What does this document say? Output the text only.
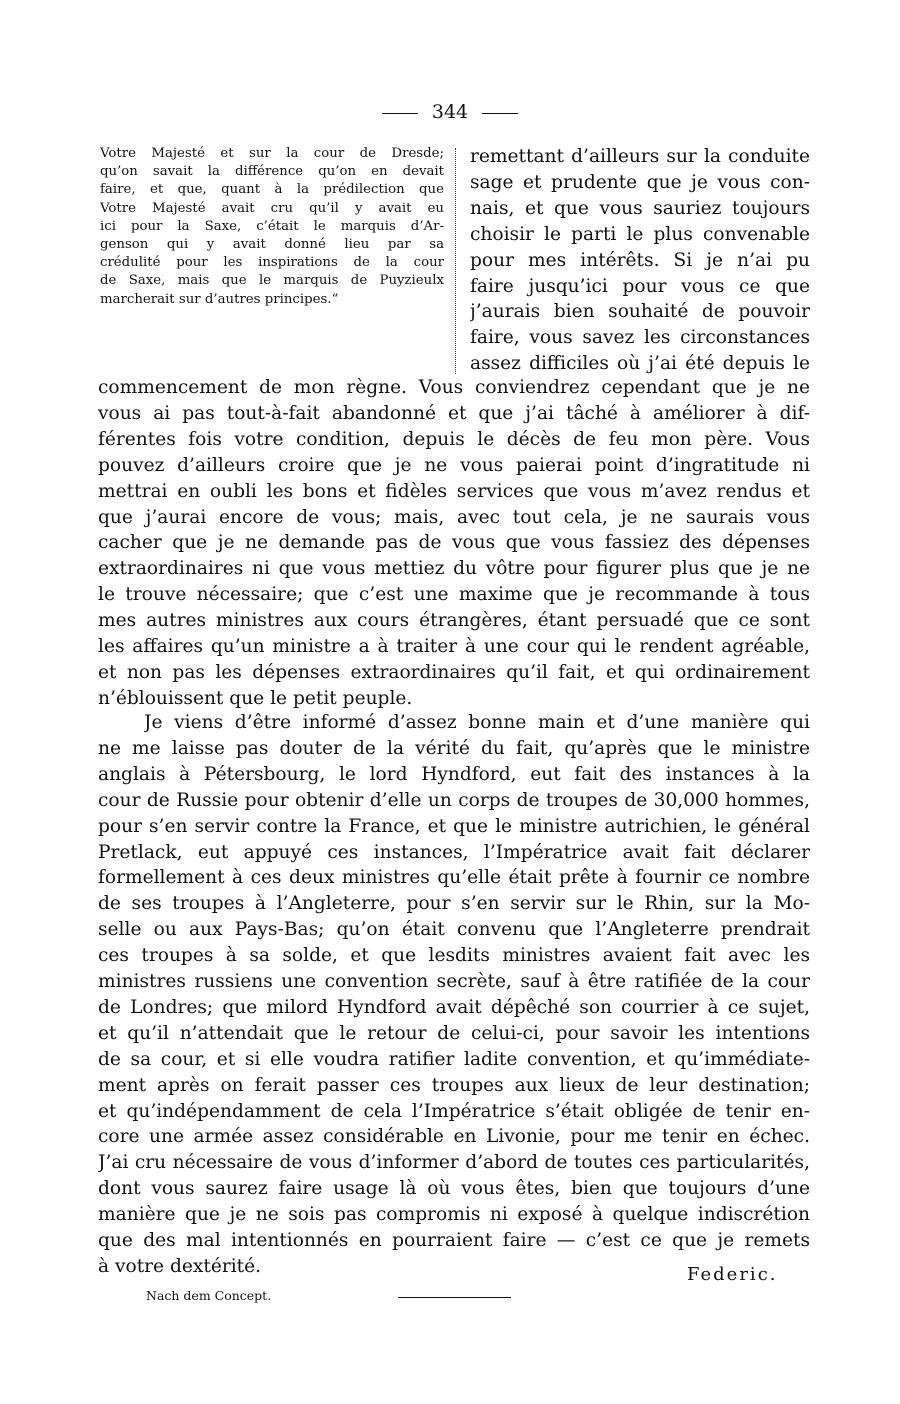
344
Votre Majesté et sur la cour de Dresde;
qu’on savait la différence qu’on en devait
faire, et que, quant à la prédilection que
Votre Majesté avait cru qu’il y avait eu
ici pour la Saxe, c’était le marquis d’Ar-
genson qui y avait donné lieu par sa
crédulité pour les inspirations de la cour
de Saxe, mais que le marquis de Puyzieulx
marcherait sur d’autres principes.“
remettant d’ailleurs sur la conduite
sage et prudente que je vous con-
nais, et que vous sauriez toujours
choisir le parti le plus convenable
pour mes intérêts. Si je n’ai pu
faire jusqu’ici pour vous ce que
j’aurais bien souhaité de pouvoir
faire, vous savez les circonstances
assez difficiles où j’ai été depuis le
commencement de mon règne. Vous conviendrez cependant que je ne
vous ai pas tout-à-fait abandonné et que j’ai tâché à améliorer à dif-
férentes fois votre condition, depuis le décès de feu mon père. Vous
pouvez d’ailleurs croire que je ne vous paierai point d’ingratitude ni
mettrai en oubli les bons et fidèles services que vous m’avez rendus et
que j’aurai encore de vous; mais, avec tout cela, je ne saurais vous
cacher que je ne demande pas de vous que vous fassiez des dépenses
extraordinaires ni que vous mettiez du vôtre pour figurer plus que je ne
le trouve nécessaire; que c’est une maxime que je recommande à tous
mes autres ministres aux cours étrangères, étant persuadé que ce sont
les affaires qu’un ministre a à traiter à une cour qui le rendent agréable,
et non pas les dépenses extraordinaires qu’il fait, et qui ordinairement
n’éblouissent que le petit peuple.
Je viens d’être informé d’assez bonne main et d’une manière qui
ne me laisse pas douter de la vérité du fait, qu’après que le ministre
anglais à Pétersbourg, le lord Hyndford, eut fait des instances à la
cour de Russie pour obtenir d’elle un corps de troupes de 30,000 hommes,
pour s’en servir contre la France, et que le ministre autrichien, le général
Pretlack, eut appuyé ces instances, l’Impératrice avait fait déclarer
formellement à ces deux ministres qu’elle était prête à fournir ce nombre
de ses troupes à l’Angleterre, pour s’en servir sur le Rhin, sur la Mo-
selle ou aux Pays-Bas; qu’on était convenu que l’Angleterre prendrait
ces troupes à sa solde, et que lesdits ministres avaient fait avec les
ministres russiens une convention secrète, sauf à être ratifiée de la cour
de Londres; que milord Hyndford avait dépêché son courrier à ce sujet,
et qu’il n’attendait que le retour de celui-ci, pour savoir les intentions
de sa cour, et si elle voudra ratifier ladite convention, et qu’immédiate-
ment après on ferait passer ces troupes aux lieux de leur destination;
et qu’indépendamment de cela l’Impératrice s’était obligée de tenir en-
core une armée assez considérable en Livonie, pour me tenir en échec.
J’ai cru nécessaire de vous d’informer d’abord de toutes ces particularités,
dont vous saurez faire usage là où vous êtes, bien que toujours d’une
manière que je ne sois pas compromis ni exposé à quelque indiscrétion
que des mal intentionnés en pourraient faire — c’est ce que je remets
à votre dextérité.	Federic.
Nach dem Concept.
